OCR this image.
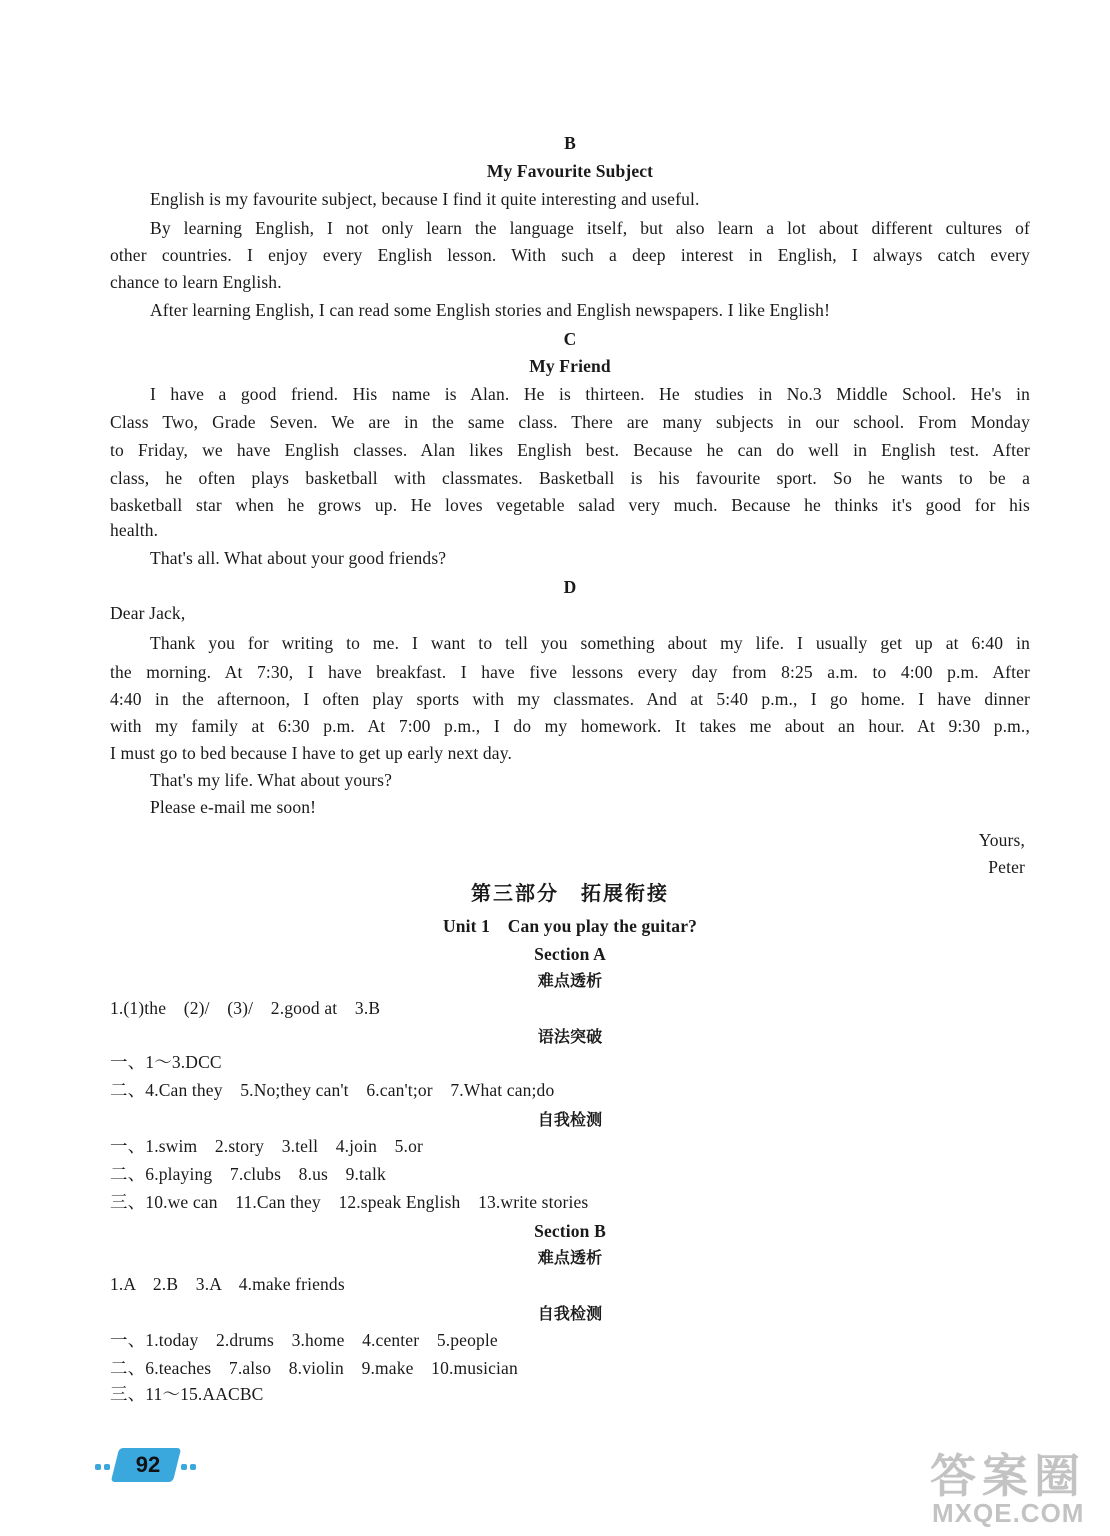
B
My Favourite Subject
English is my favourite subject, because I find it quite interesting and useful.
By learning English, I not only learn the language itself, but also learn a lot about different cultures of
other countries. I enjoy every English lesson. With such a deep interest in English, I always catch every
chance to learn English.
After learning English, I can read some English stories and English newspapers. I like English!
C
My Friend
I have a good friend. His name is Alan. He is thirteen. He studies in No.3 Middle School. He's in
Class Two, Grade Seven. We are in the same class. There are many subjects in our school. From Monday
to Friday, we have English classes. Alan likes English best. Because he can do well in English test. After
class, he often plays basketball with classmates. Basketball is his favourite sport. So he wants to be a
basketball star when he grows up. He loves vegetable salad very much. Because he thinks it's good for his
health.
That's all. What about your good friends?
D
Dear Jack,
Thank you for writing to me. I want to tell you something about my life. I usually get up at 6:40 in
the morning. At 7:30, I have breakfast. I have five lessons every day from 8:25 a.m. to 4:00 p.m. After
4:40 in the afternoon, I often play sports with my classmates. And at 5:40 p.m., I go home. I have dinner
with my family at 6:30 p.m. At 7:00 p.m., I do my homework. It takes me about an hour. At 9:30 p.m.,
I must go to bed because I have to get up early next day.
That's my life. What about yours?
Please e-mail me soon!
Yours,
Peter
第三部分　拓展衔接
Unit 1　Can you play the guitar?
Section A
难点透析
1.(1)the　(2)/　(3)/　2.good at　3.B
语法突破
一、1～3.DCC
二、4.Can they　5.No;they can't　6.can't;or　7.What can;do
自我检测
一、1.swim　2.story　3.tell　4.join　5.or
二、6.playing　7.clubs　8.us　9.talk
三、10.we can　11.Can they　12.speak English　13.write stories
Section B
难点透析
1.A　2.B　3.A　4.make friends
自我检测
一、1.today　2.drums　3.home　4.center　5.people
二、6.teaches　7.also　8.violin　9.make　10.musician
三、11～15.AACBC
92	答案圈
MXQE.COM
